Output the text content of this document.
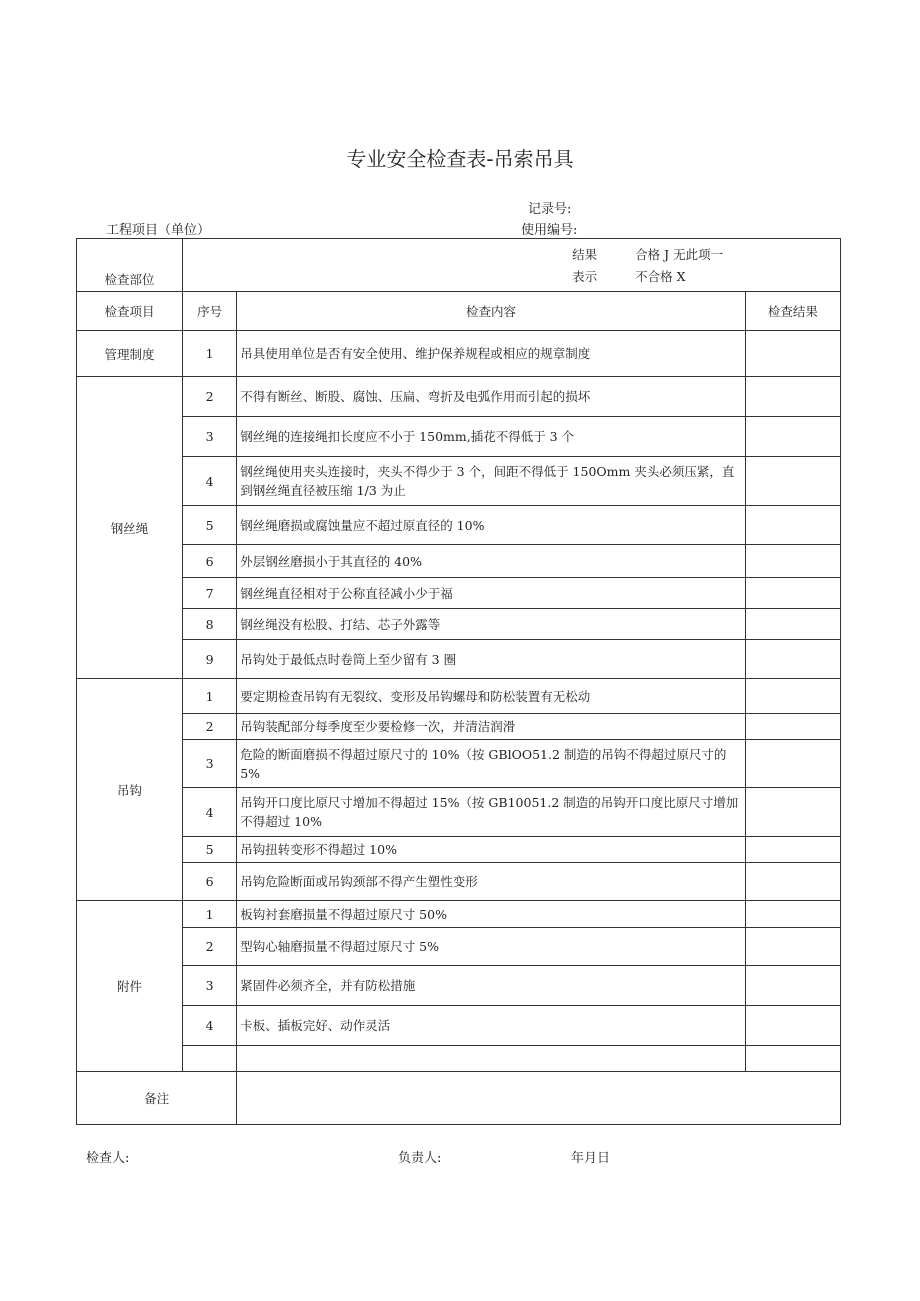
专业安全检查表-吊索吊具
记录号:
工程项目（单位）	使用编号:
检查部位	结果 合格 J 无此项一
表示 不合格 X		

检查项目	序号	检查内容	检查结果
管理制度	1	吊具使用单位是否有安全使用、维护保养规程或相应的规章制度	
钢丝绳	2	不得有断丝、断股、腐蚀、压扁、弯折及电弧作用而引起的损坏	
	3	钢丝绳的连接绳扣长度应不小于 150mm,插花不得低于 3 个	
	4	钢丝绳使用夹头连接时，夹头不得少于 3 个，间距不得低于 150Omm 夹头必须压紧，直到钢丝绳直径被压缩 1/3 为止	
	5	钢丝绳磨损或腐蚀量应不超过原直径的 10%	
	6	外层钢丝磨损小于其直径的 40%	
	7	钢丝绳直径相对于公称直径减小少于福	
	8	钢丝绳没有松股、打结、芯子外露等	
	9	吊钩处于最低点时卷筒上至少留有 3 圈	
吊钩	1	要定期检查吊钩有无裂纹、变形及吊钩螺母和防松装置有无松动	
	2	吊钩装配部分每季度至少要检修一次，并清洁润滑	
	3	危险的断面磨损不得超过原尺寸的 10%（按 GBlOO51.2 制造的吊钩不得超过原尺寸的 5%	
	4	吊钩开口度比原尺寸增加不得超过 15%（按 GB10051.2 制造的吊钩开口度比原尺寸增加不得超过 10%	
	5	吊钩扭转变形不得超过 10%	
	6	吊钩危险断面或吊钩颈部不得产生塑性变形	
附件	1	板钩衬套磨损量不得超过原尺寸 50%	
	2	型钩心轴磨损量不得超过原尺寸 5%	
	3	紧固件必须齐全，并有防松措施	
	4	卡板、插板完好、动作灵活	

备注			
检查人:	负责人:	年月日
